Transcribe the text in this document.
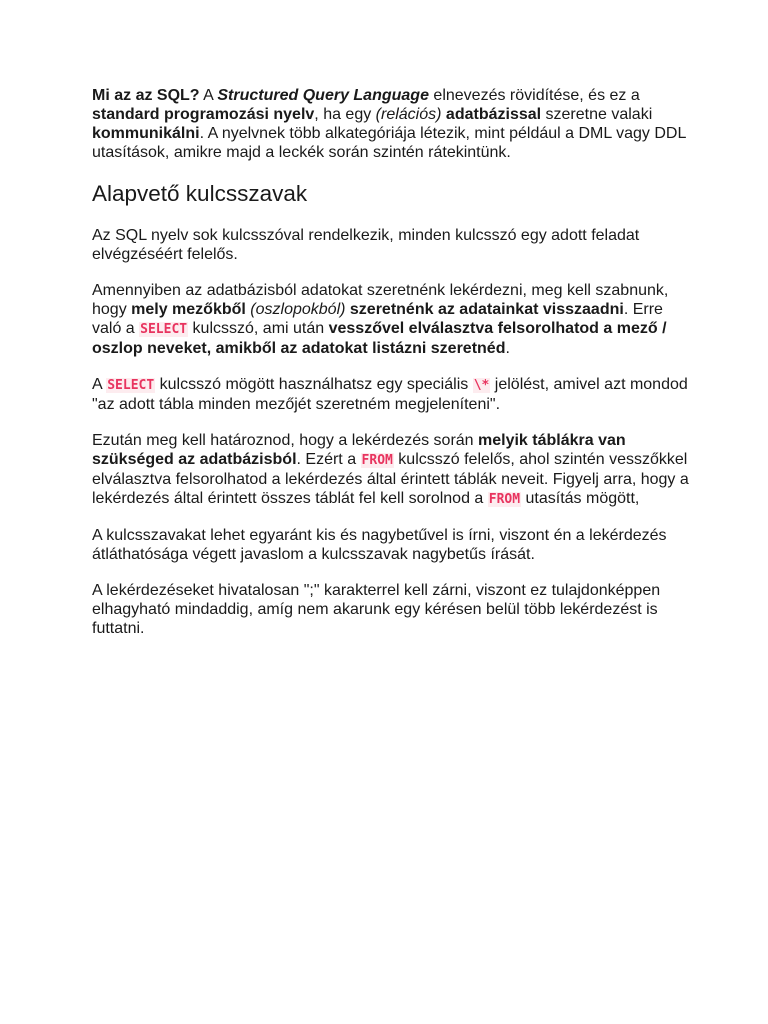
Mi az az SQL? A Structured Query Language elnevezés rövidítése, és ez a standard programozási nyelv, ha egy (relációs) adatbázissal szeretne valaki kommunikálni. A nyelvnek több alkategóriája létezik, mint például a DML vagy DDL utasítások, amikre majd a leckék során szintén rátekintünk.

Alapvető kulcsszavak

Az SQL nyelv sok kulcsszóval rendelkezik, minden kulcsszó egy adott feladat elvégzéséért felelős.

Amennyiben az adatbázisból adatokat szeretnénk lekérdezni, meg kell szabnunk, hogy mely mezőkből (oszlopokból) szeretnénk az adatainkat visszaadni. Erre való a SELECT kulcsszó, ami után vesszővel elválasztva felsorolhatod a mező / oszlop neveket, amikből az adatokat listázni szeretnéd.

A SELECT kulcsszó mögött használhatsz egy speciális \* jelölést, amivel azt mondod "az adott tábla minden mezőjét szeretném megjeleníteni".

Ezután meg kell határoznod, hogy a lekérdezés során melyik táblákra van szükséged az adatbázisból. Ezért a FROM kulcsszó felelős, ahol szintén vesszőkkel elválasztva felsorolhatod a lekérdezés által érintett táblák neveit. Figyelj arra, hogy a lekérdezés által érintett összes táblát fel kell sorolnod a FROM utasítás mögött,

A kulcsszavakat lehet egyaránt kis és nagybetűvel is írni, viszont én a lekérdezés átláthatósága végett javaslom a kulcsszavak nagybetűs írását.

A lekérdezéseket hivatalosan ";" karakterrel kell zárni, viszont ez tulajdonképpen elhagyható mindaddig, amíg nem akarunk egy kérésen belül több lekérdezést is futtatni.
